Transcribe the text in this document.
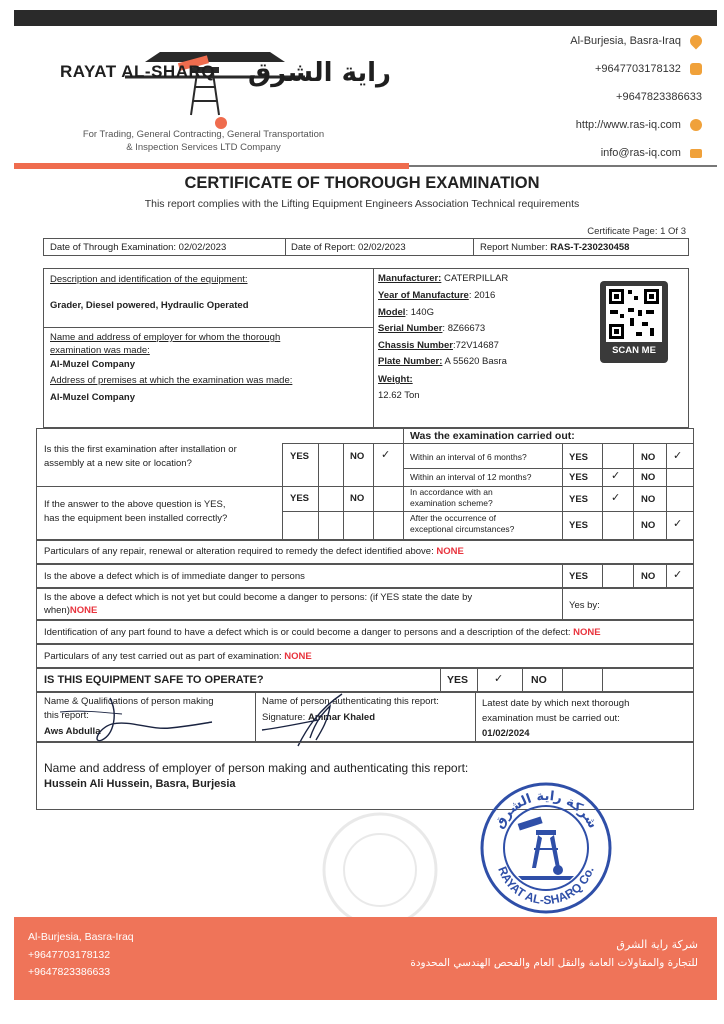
RAYAT AL-SHARQ راية الشرق
For Trading, General Contracting, General Transportation
& Inspection Services LTD Company
Al-Burjesia, Basra-Iraq
+9647703178132
+9647823386633
http://www.ras-iq.com
info@ras-iq.com
CERTIFICATE OF THOROUGH EXAMINATION
This report complies with the Lifting Equipment Engineers Association Technical requirements
Certificate Page: 1 Of 3
Date of Through Examination: 02/02/2023	Date of Report: 02/02/2023	Report Number: RAS-T-230230458
Description and identification of the equipment:
Grader, Diesel powered, Hydraulic Operated
Name and address of employer for whom the thorough
examination was made:
Al-Muzel Company
Address of premises at which the examination was made:
Al-Muzel Company
Manufacturer: CATERPILLAR
Year of Manufacture: 2016
Model: 140G
Serial Number: 8Z66673
Chassis Number:72V14687
Plate Number: A 55620 Basra
Weight:
12.62 Ton
SCAN ME
Is this the first examination after installation or
assembly at a new site or location?
YES	NO ✓
If the answer to the above question is YES,
has the equipment been installed correctly?
YES	NO
Was the examination carried out:
Within an interval of 6 months?	YES	NO ✓
Within an interval of 12 months?	YES ✓ NO
In accordance with an
examination scheme?	YES ✓ NO
After the occurrence of
exceptional circumstances?	YES	NO ✓
Particulars of any repair, renewal or alteration required to remedy the defect identified above: NONE
Is the above a defect which is of immediate danger to persons	YES	NO ✓
Is the above a defect which is not yet but could become a danger to persons: (if YES state the date by
when)NONE	Yes by:
Identification of any part found to have a defect which is or could become a danger to persons and a description of the defect: NONE
Particulars of any test carried out as part of examination: NONE
IS THIS EQUIPMENT SAFE TO OPERATE?	YES ✓	NO
Name & Qualifications of person making
this report:
Aws Abdulla
Name of person authenticating this report:
Signature: Ammar Khaled
Latest date by which next thorough
examination must be carried out:
01/02/2024
Name and address of employer of person making and authenticating this report:
Hussein Ali Hussein, Basra, Burjesia
شركة راية الشرق
RAYAT AL-SHARQ Co.
Al-Burjesia, Basra-Iraq
+9647703178132
+9647823386633
شركة راية الشرق
للتجارة والمقاولات العامة والنقل العام والفحص الهندسي المحدودة
